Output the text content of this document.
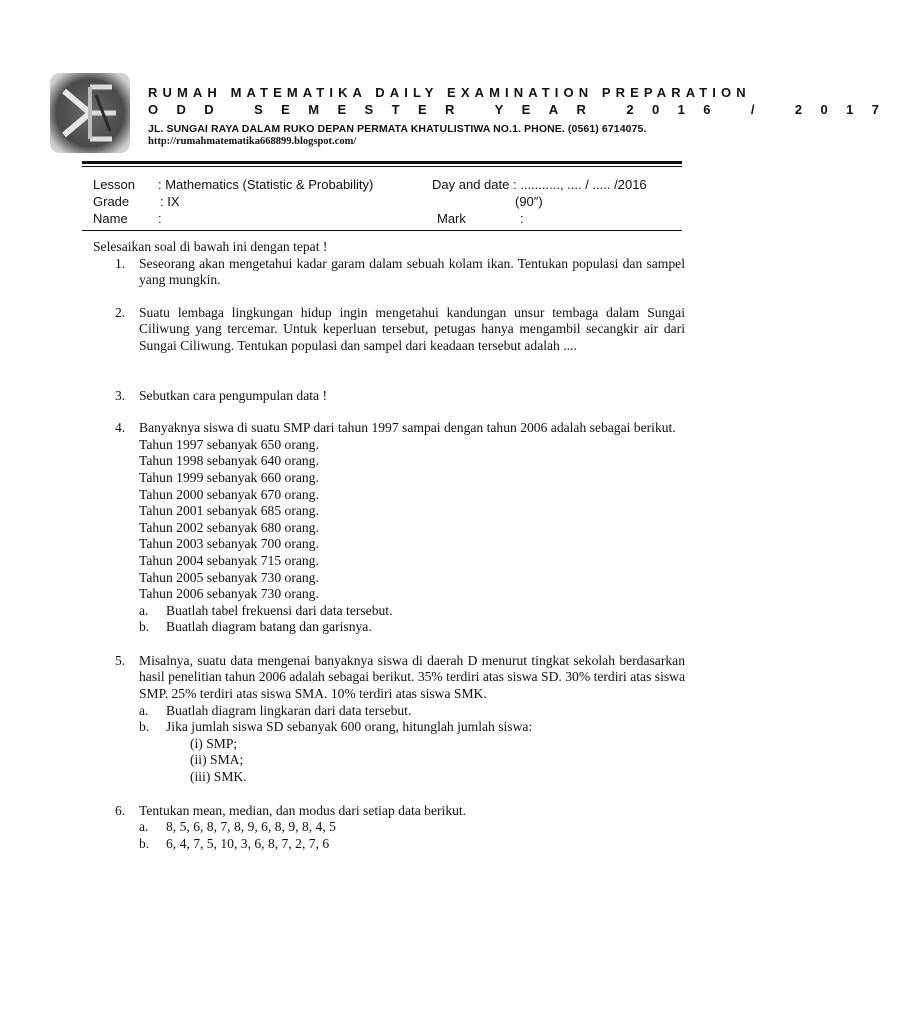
RUMAH MATEMATIKA DAILY EXAMINATION PREPARATION
ODD SEMESTER YEAR 2016 / 2017
JL. SUNGAI RAYA DALAM RUKO DEPAN PERMATA KHATULISTIWA NO.1. PHONE. (0561) 6714075.
http://rumahmatematika668899.blogspot.com/
Lesson : Mathematics (Statistic & Probability)	Day and date : ..........., .... / ..... /2016
Grade : IX	(90″)
Name :	Mark	:

Selesaikan soal di bawah ini dengan tepat !

1. Seseorang akan mengetahui kadar garam dalam sebuah kolam ikan. Tentukan populasi dan sampel yang mungkin.
2. Suatu lembaga lingkungan hidup ingin mengetahui kandungan unsur tembaga dalam Sungai Ciliwung yang tercemar. Untuk keperluan tersebut, petugas hanya mengambil secangkir air dari Sungai Ciliwung. Tentukan populasi dan sampel dari keadaan tersebut adalah ....
3. Sebutkan cara pengumpulan data !
4. Banyaknya siswa di suatu SMP dari tahun 1997 sampai dengan tahun 2006 adalah sebagai berikut.
Tahun 1997 sebanyak 650 orang.
Tahun 1998 sebanyak 640 orang.
Tahun 1999 sebanyak 660 orang.
Tahun 2000 sebanyak 670 orang.
Tahun 2001 sebanyak 685 orang.
Tahun 2002 sebanyak 680 orang.
Tahun 2003 sebanyak 700 orang.
Tahun 2004 sebanyak 715 orang.
Tahun 2005 sebanyak 730 orang.
Tahun 2006 sebanyak 730 orang.
a. Buatlah tabel frekuensi dari data tersebut.
b. Buatlah diagram batang dan garisnya.
5. Misalnya, suatu data mengenai banyaknya siswa di daerah D menurut tingkat sekolah berdasarkan hasil penelitian tahun 2006 adalah sebagai berikut. 35% terdiri atas siswa SD. 30% terdiri atas siswa SMP. 25% terdiri atas siswa SMA. 10% terdiri atas siswa SMK.
a. Buatlah diagram lingkaran dari data tersebut.
b. Jika jumlah siswa SD sebanyak 600 orang, hitunglah jumlah siswa:
(i) SMP;
(ii) SMA;
(iii) SMK.
6. Tentukan mean, median, dan modus dari setiap data berikut.
a. 8, 5, 6, 8, 7, 8, 9, 6, 8, 9, 8, 4, 5
b. 6, 4, 7, 5, 10, 3, 6, 8, 7, 2, 7, 6
